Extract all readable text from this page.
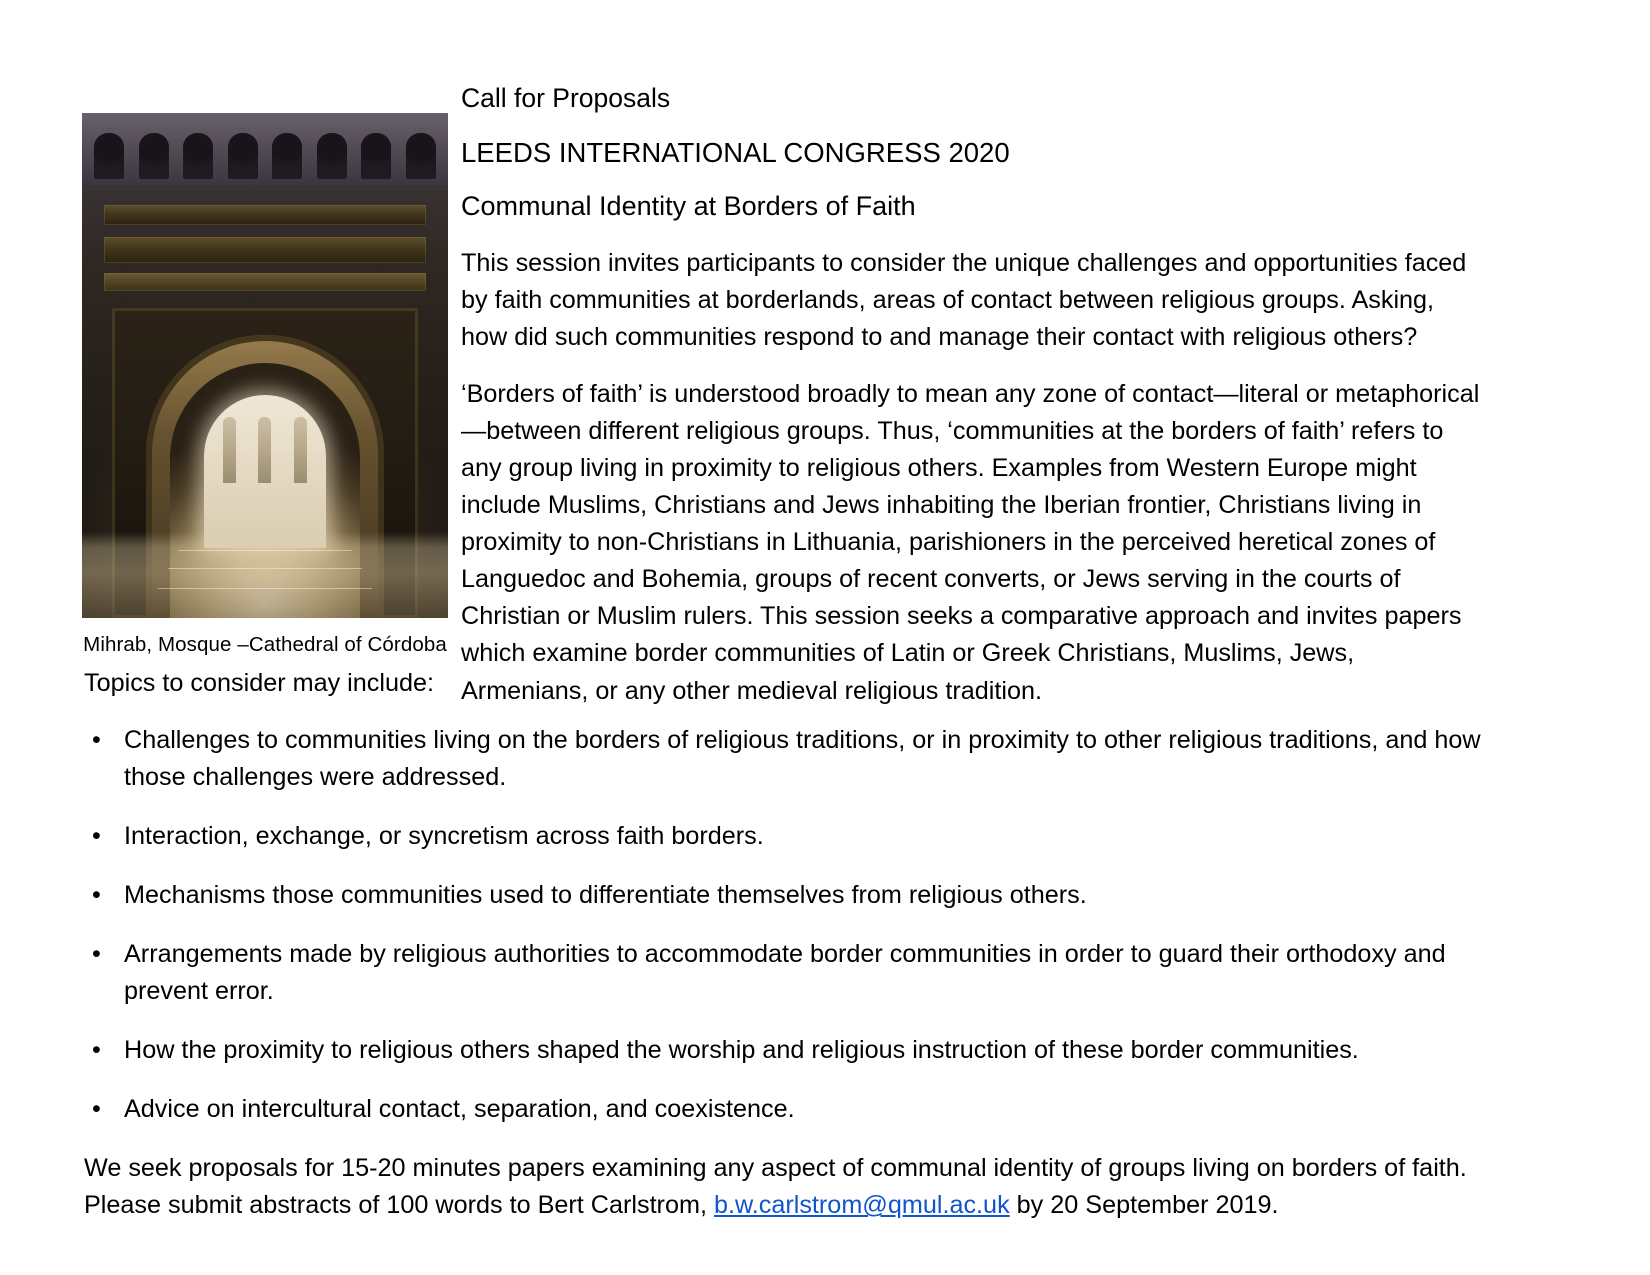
Mihrab, Mosque –Cathedral of Córdoba

Call for Proposals

LEEDS INTERNATIONAL CONGRESS 2020

Communal Identity at Borders of Faith

This session invites participants to consider the unique challenges and opportunities faced by faith communities at borderlands, areas of contact between religious groups. Asking, how did such communities respond to and manage their contact with religious others?

‘Borders of faith’ is understood broadly to mean any zone of contact—literal or metaphorical—between different religious groups. Thus, ‘communities at the borders of faith’ refers to any group living in proximity to religious others. Examples from Western Europe might include Muslims, Christians and Jews inhabiting the Iberian frontier, Christians living in proximity to non-Christians in Lithuania, parishioners in the perceived heretical zones of Languedoc and Bohemia, groups of recent converts, or Jews serving in the courts of   Christian or Muslim rulers. This session seeks a comparative approach and invites papers which examine border communities of Latin or Greek Christians, Muslims, Jews, Armenians, or any other medieval religious tradition.

Topics to consider may include:

• Challenges to communities living on the borders of religious traditions, or in proximity to other religious traditions, and how those challenges were addressed.
• Interaction, exchange, or syncretism across faith borders.
• Mechanisms those communities used to differentiate themselves from religious others.
• Arrangements made by religious authorities to accommodate border communities in order to guard their orthodoxy and prevent error.
• How the proximity to religious others shaped the worship and religious instruction of these border communities.
• Advice on intercultural contact, separation, and coexistence.

We seek proposals for 15-20 minutes papers examining any aspect of communal identity of groups living on borders of faith. Please submit abstracts of 100 words to Bert Carlstrom, b.w.carlstrom@qmul.ac.uk by 20 September 2019.
